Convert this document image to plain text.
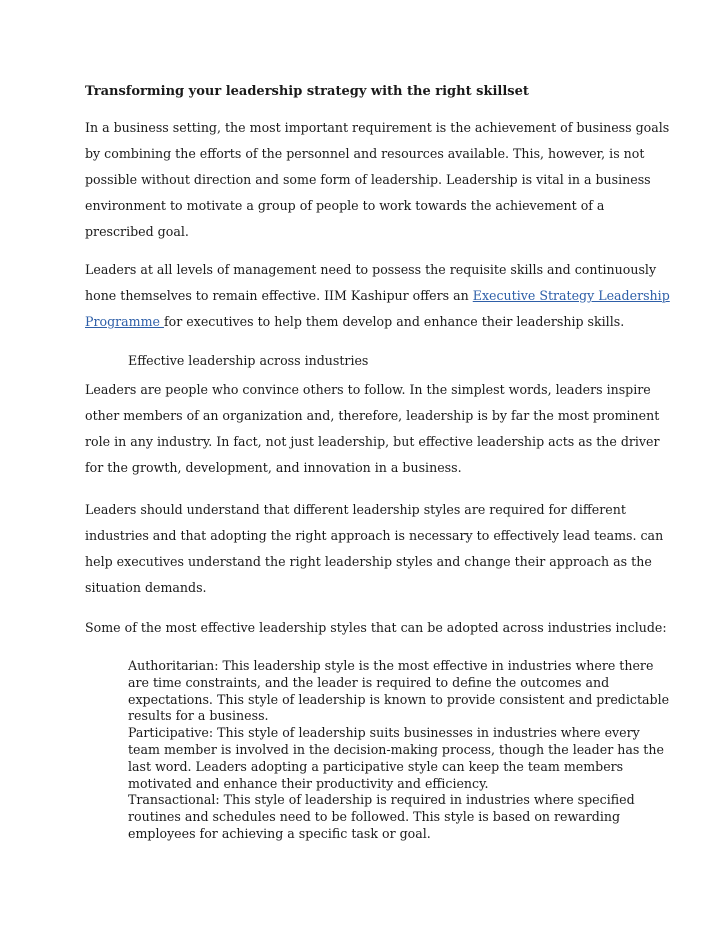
Transforming your leadership strategy with the right skillset

In a business setting, the most important requirement is the achievement of business goals
by combining the efforts of the personnel and resources available. This, however, is not
possible without direction and some form of leadership. Leadership is vital in a business
environment to motivate a group of people to work towards the achievement of a
prescribed goal.

Leaders at all levels of management need to possess the requisite skills and continuously
hone themselves to remain effective. IIM Kashipur offers an Executive Strategy Leadership
Programme for executives to help them develop and enhance their leadership skills.

Effective leadership across industries

Leaders are people who convince others to follow. In the simplest words, leaders inspire
other members of an organization and, therefore, leadership is by far the most prominent
role in any industry. In fact, not just leadership, but effective leadership acts as the driver
for the growth, development, and innovation in a business.

Leaders should understand that different leadership styles are required for different
industries and that adopting the right approach is necessary to effectively lead teams. can
help executives understand the right leadership styles and change their approach as the
situation demands.

Some of the most effective leadership styles that can be adopted across industries include:

Authoritarian: This leadership style is the most effective in industries where there
are time constraints, and the leader is required to define the outcomes and
expectations. This style of leadership is known to provide consistent and predictable
results for a business.
Participative: This style of leadership suits businesses in industries where every
team member is involved in the decision-making process, though the leader has the
last word. Leaders adopting a participative style can keep the team members
motivated and enhance their productivity and efficiency.
Transactional: This style of leadership is required in industries where specified
routines and schedules need to be followed. This style is based on rewarding
employees for achieving a specific task or goal.
